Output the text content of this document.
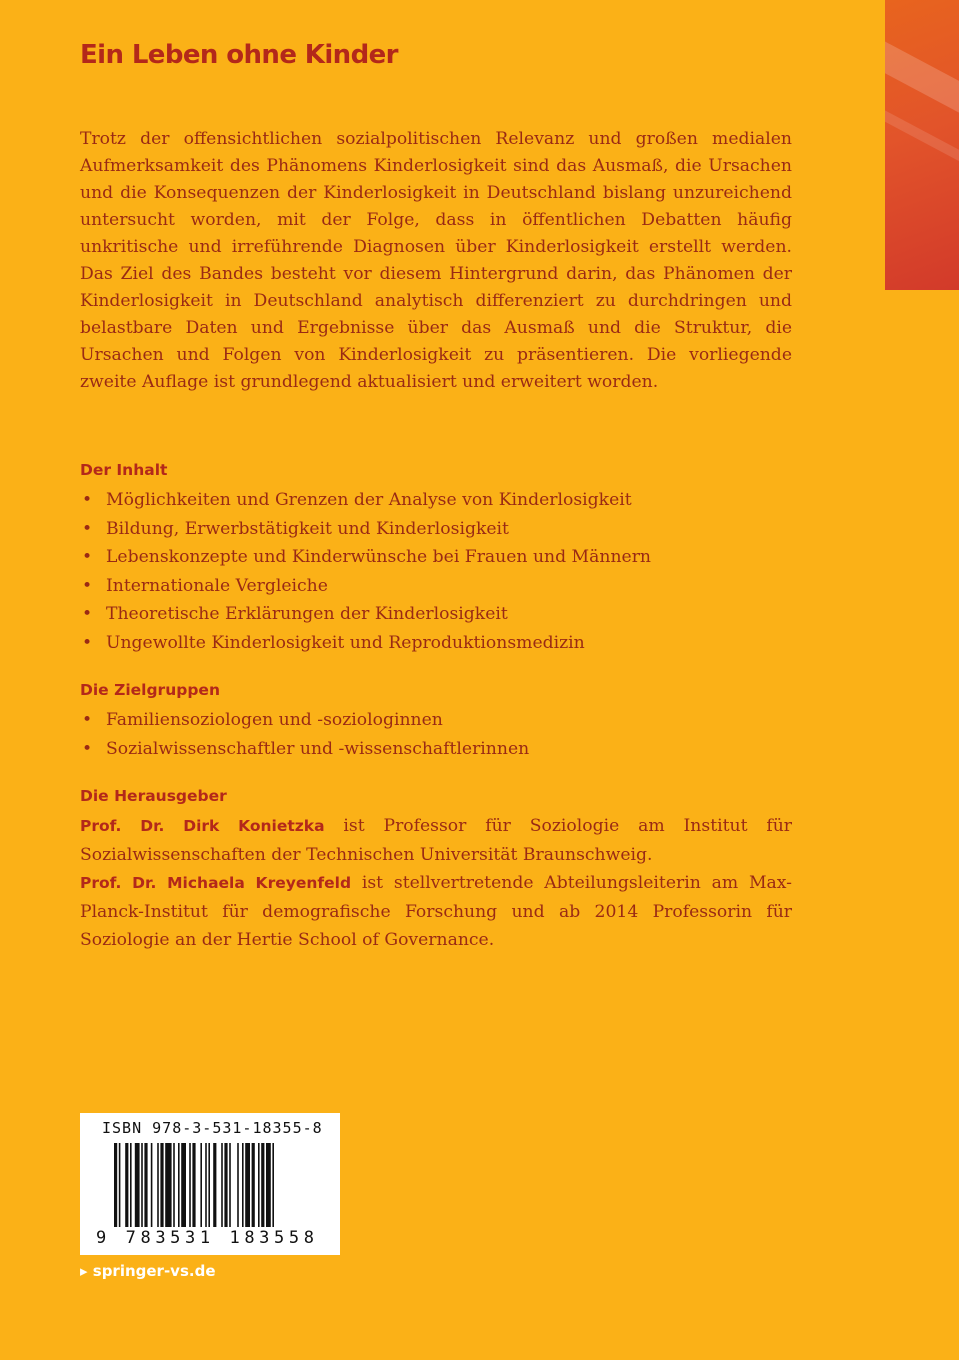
Ein Leben ohne Kinder

Trotz der offensichtlichen sozialpolitischen Relevanz und großen medialen Aufmerksamkeit des Phänomens Kinderlosigkeit sind das Ausmaß, die Ursachen und die Konsequenzen der Kinderlosigkeit in Deutschland bislang unzureichend untersucht worden, mit der Folge, dass in öffentlichen Debatten häufig unkritische und irreführende Diagnosen über Kinderlosigkeit erstellt werden. Das Ziel des Bandes besteht vor diesem Hintergrund darin, das Phänomen der Kinderlosigkeit in Deutschland analytisch differenziert zu durchdringen und belastbare Daten und Ergebnisse über das Ausmaß und die Struktur, die Ursachen und Folgen von Kinderlosigkeit zu präsentieren. Die vorliegende zweite Auflage ist grundlegend aktualisiert und erweitert worden.

Der Inhalt
• Möglichkeiten und Grenzen der Analyse von Kinderlosigkeit
• Bildung, Erwerbstätigkeit und Kinderlosigkeit
• Lebenskonzepte und Kinderwünsche bei Frauen und Männern
• Internationale Vergleiche
• Theoretische Erklärungen der Kinderlosigkeit
• Ungewollte Kinderlosigkeit und Reproduktionsmedizin
Die Zielgruppen
• Familiensoziologen und -soziologinnen
• Sozialwissenschaftler und -wissenschaftlerinnen
Die Herausgeber

Prof. Dr. Dirk Konietzka ist Professor für Soziologie am Institut für Sozialwissenschaften der Technischen Universität Braunschweig.

Prof. Dr. Michaela Kreyenfeld ist stellvertretende Abteilungsleiterin am Max-Planck-Institut für demografische Forschung und ab 2014 Professorin für Soziologie an der Hertie School of Governance.

ISBN 978-3-531-18355-8

9 783531 183558

▸ springer-vs.de
